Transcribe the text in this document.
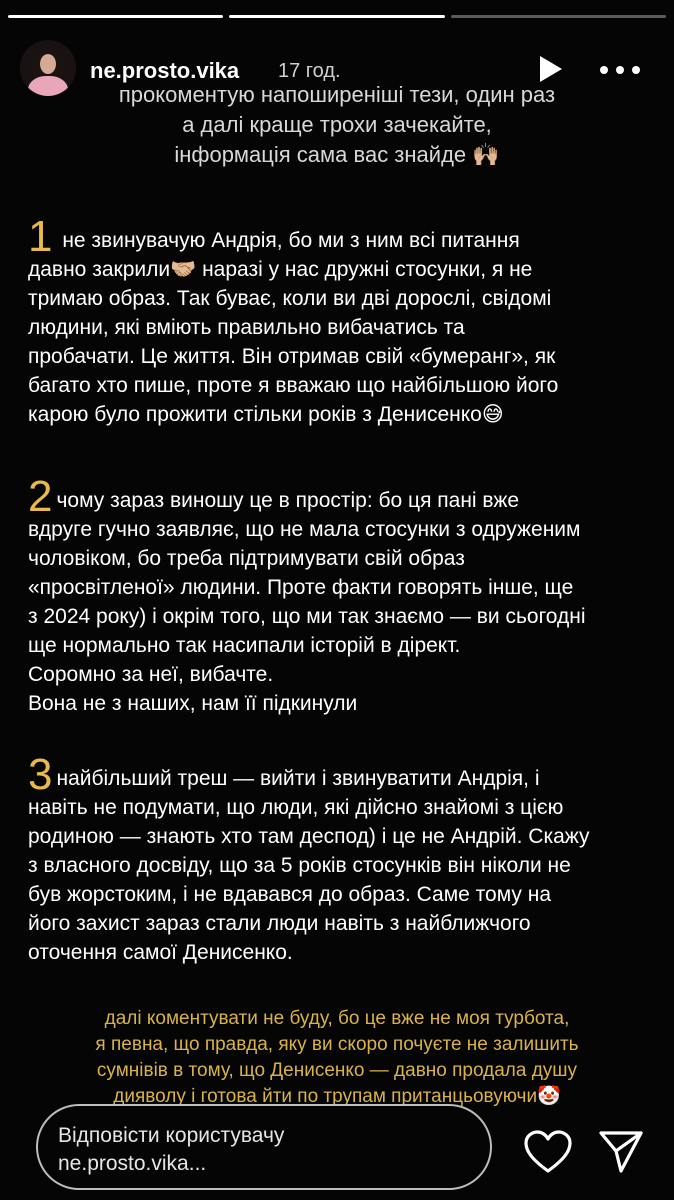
ne.prosto.vika 17 год.
прокоментую напоширеніші тези, один раз
а далі краще трохи зачекайте,
інформація сама вас знайде 🙌🏼
1 не звинувачую Андрія, бо ми з ним всі питання
давно закрили🤝🏼 наразі у нас дружні стосунки, я не
тримаю образ. Так буває, коли ви дві дорослі, свідомі
людини, які вміють правильно вибачатись та
пробачати. Це життя. Він отримав свій «бумеранг», як
багато хто пише, проте я вважаю що найбільшою його
карою було прожити стільки років з Денисенко😅
2 чому зараз виношу це в простір: бо ця пані вже
вдруге гучно заявляє, що не мала стосунки з одруженим
чоловіком, бо треба підтримувати свій образ
«просвітленої» людини. Проте факти говорять інше, ще
з 2024 року) і окрім того, що ми так знаємо — ви сьогодні
ще нормально так насипали історій в дірект.
Соромно за неї, вибачте.
Вона не з наших, нам її підкинули
3 найбільший треш — вийти і звинуватити Андрія, і
навіть не подумати, що люди, які дійсно знайомі з цією
родиною — знають хто там деспод) і це не Андрій. Скажу
з власного досвіду, що за 5 років стосунків він ніколи не
був жорстоким, і не вдавався до образ. Саме тому на
його захист зараз стали люди навіть з найближчого
оточення самої Денисенко.
далі коментувати не буду, бо це вже не моя турбота,
я певна, що правда, яку ви скоро почуєте не залишить
сумнівів в тому, що Денисенко — давно продала душу
дияволу і готова йти по трупам пританцьовуючи🤡
Відповісти користувачу
ne.prosto.vika...
